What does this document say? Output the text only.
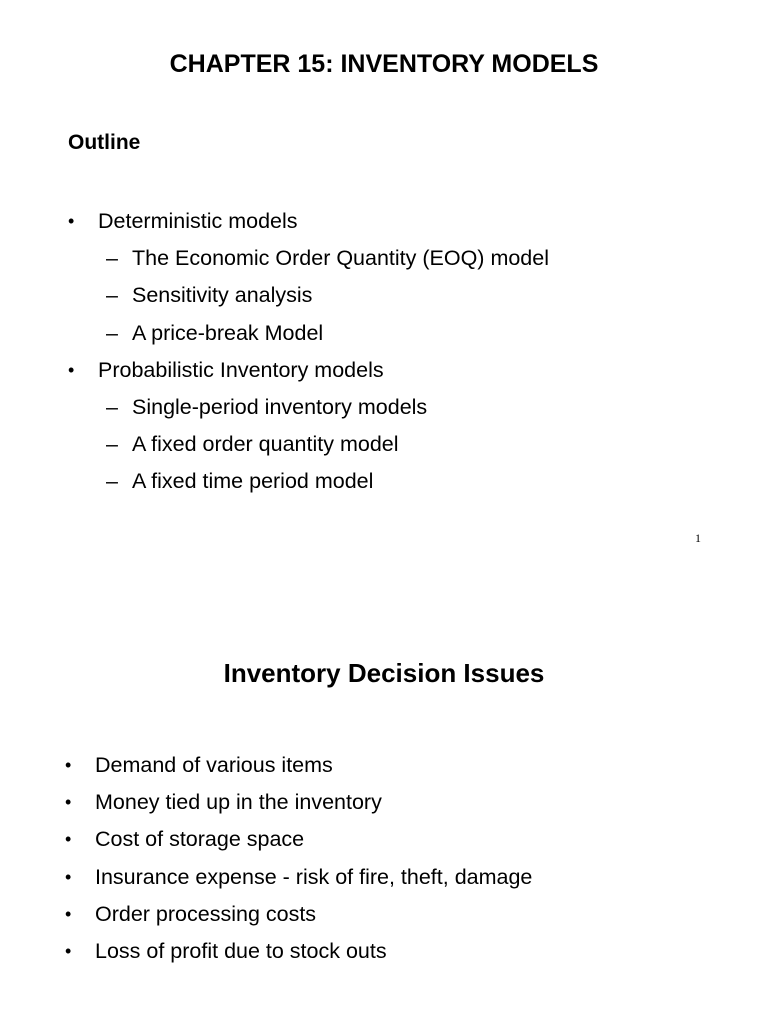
CHAPTER 15: INVENTORY MODELS
Outline
• Deterministic models
– The Economic Order Quantity (EOQ) model
– Sensitivity analysis
– A price-break Model
• Probabilistic Inventory models
– Single-period inventory models
– A fixed order quantity model
– A fixed time period model
1
Inventory Decision Issues
• Demand of various items
• Money tied up in the inventory
• Cost of storage space
• Insurance expense - risk of fire, theft, damage
• Order processing costs
• Loss of profit due to stock outs
